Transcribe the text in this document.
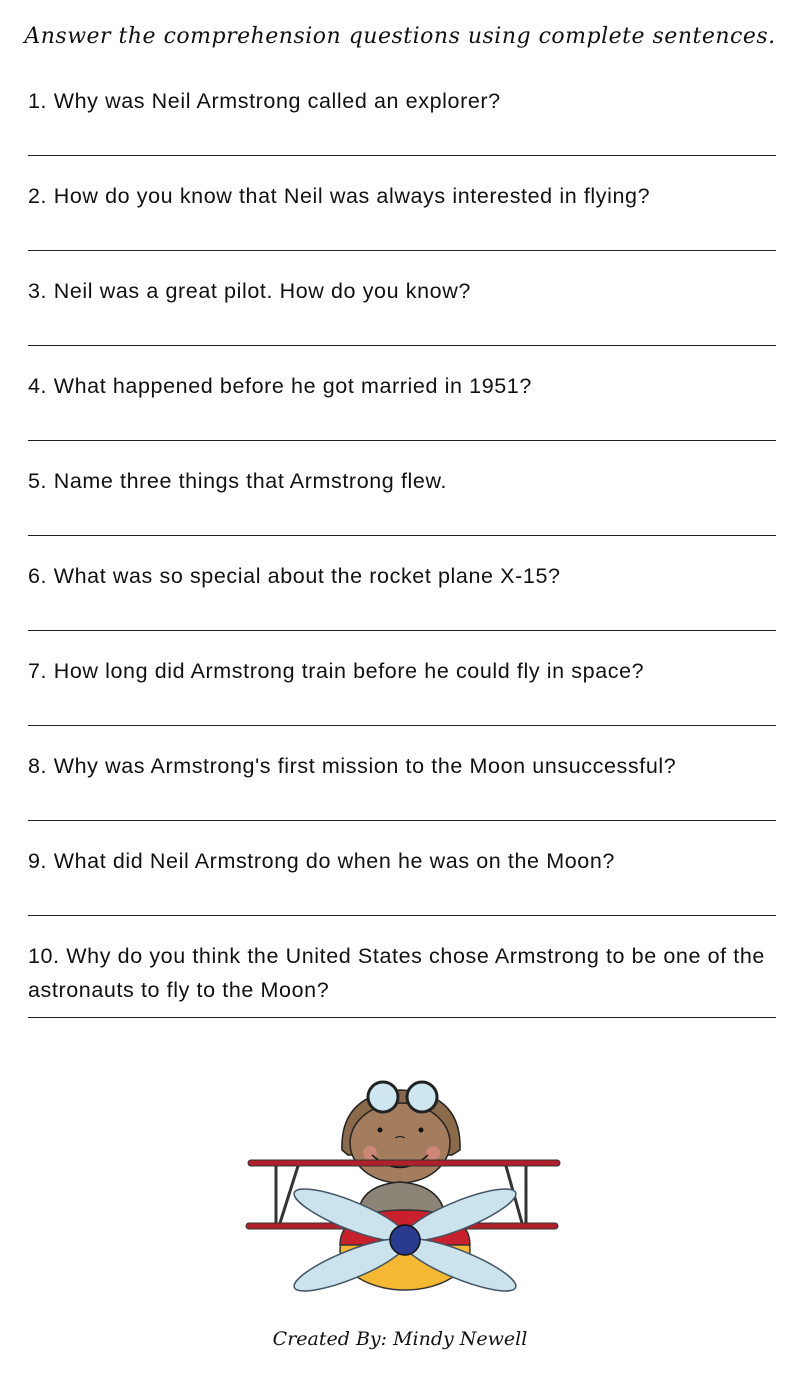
Answer the comprehension questions using complete sentences.
1. Why was Neil Armstrong called an explorer?
2. How do you know that Neil was always interested in flying?
3. Neil was a great pilot. How do you know?
4. What happened before he got married in 1951?
5. Name three things that Armstrong flew.
6. What was so special about the rocket plane X-15?
7. How long did Armstrong train before he could fly in space?
8. Why was Armstrong's first mission to the Moon unsuccessful?
9. What did Neil Armstrong do when he was on the Moon?
10. Why do you think the United States chose Armstrong to be one of the astronauts to fly to the Moon?
Created By: Mindy Newell
